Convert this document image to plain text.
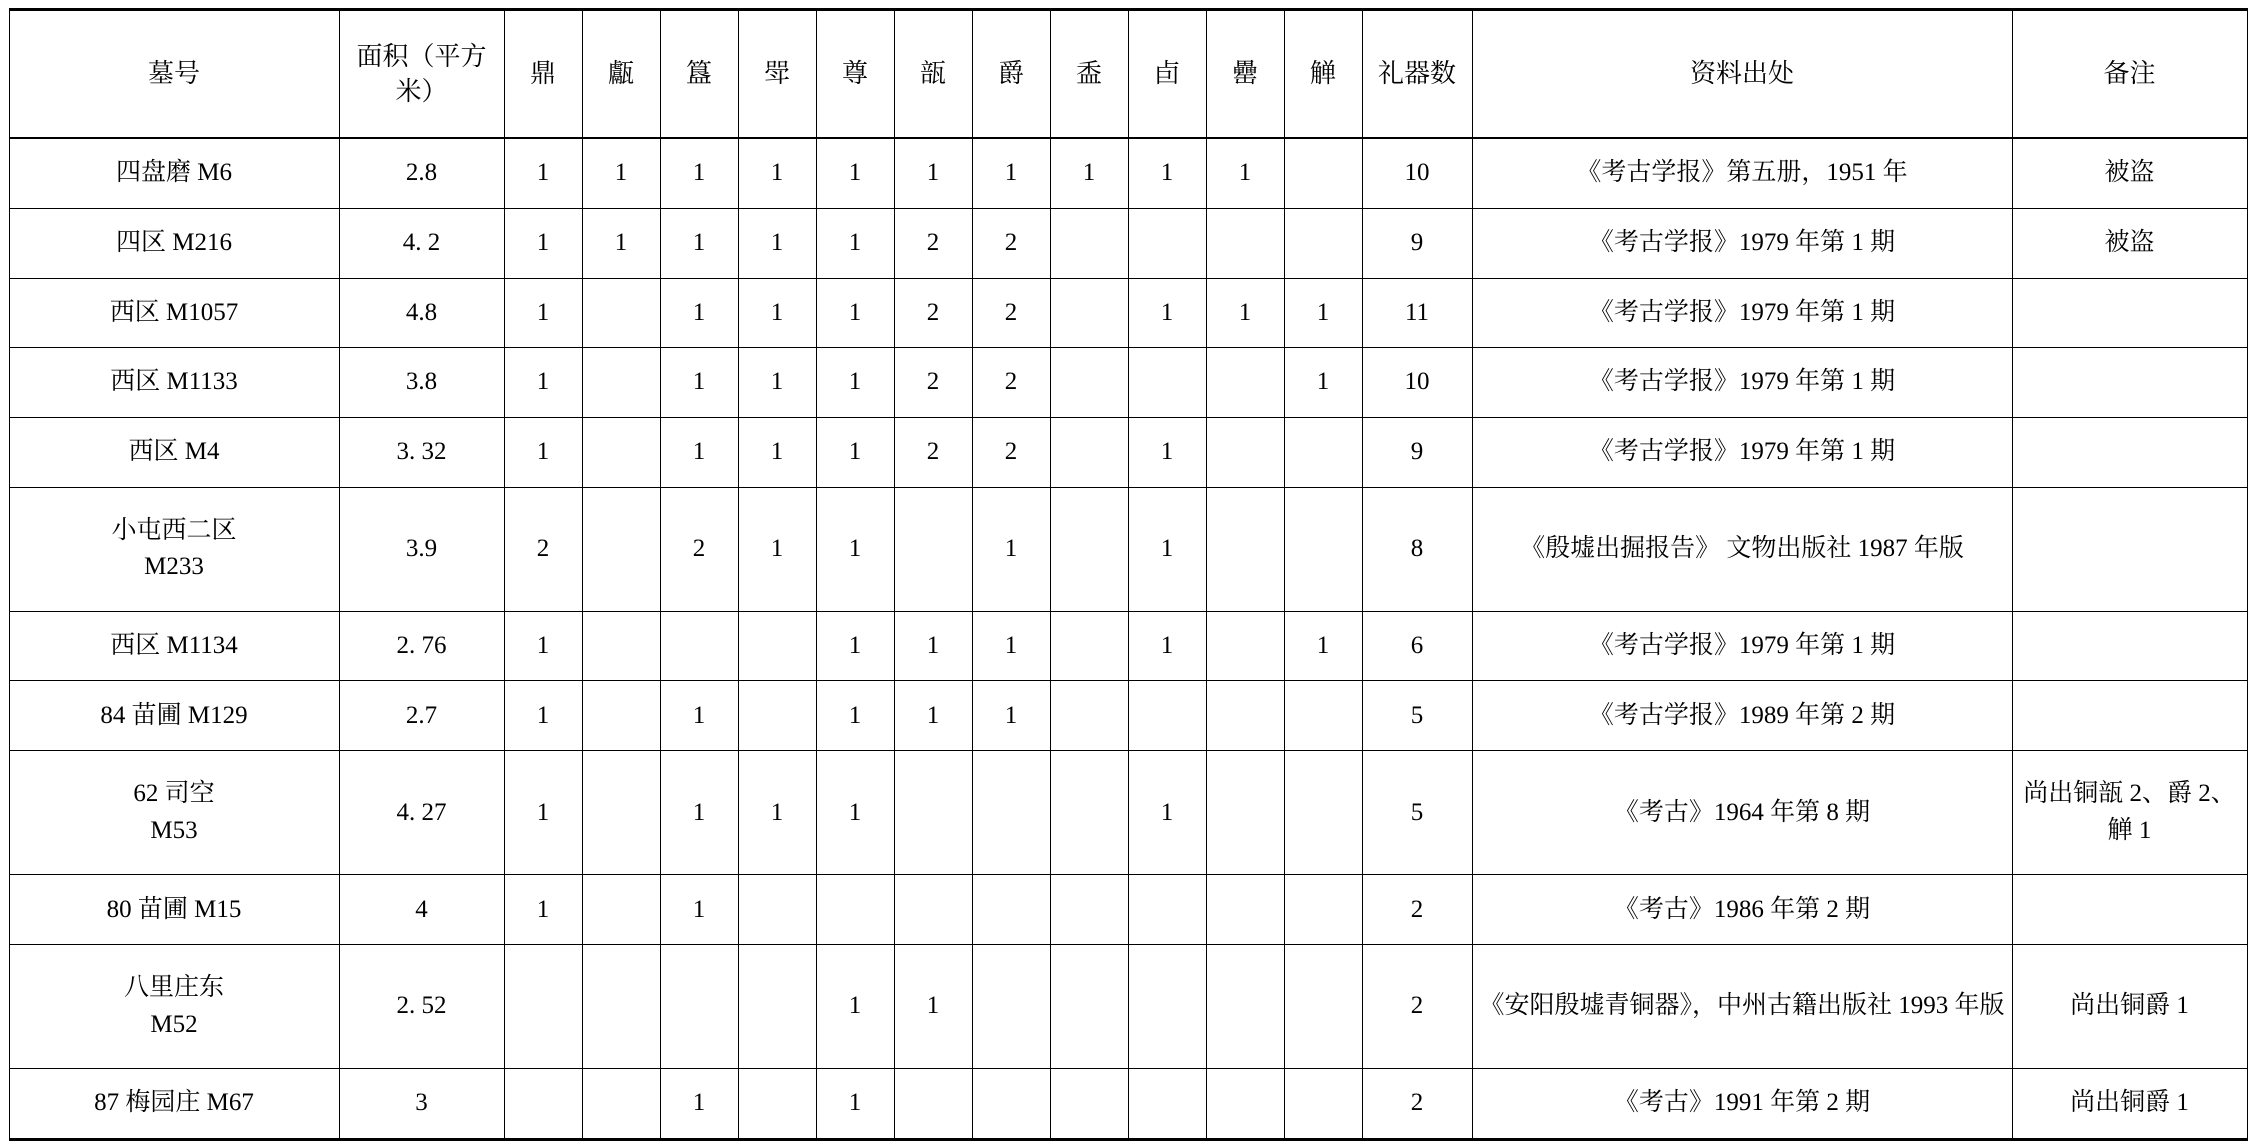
墓号	面积（平方米）	鼎	甗	簋	斝	尊	瓿	爵	盉	卣	罍	觯	礼器数	资料出处	备注

四盘磨 M6	2.8	1	1	1	1	1	1	1	1	1	1		10	《考古学报》第五册，1951 年	被盗

四区 M216	4. 2	1	1	1	1	1	2	2					9	《考古学报》1979 年第 1 期	被盗

西区 M1057	4.8	1		1	1	1	2	2		1	1	1	11	《考古学报》1979 年第 1 期	

西区 M1133	3.8	1		1	1	1	2	2				1	10	《考古学报》1979 年第 1 期	

西区 M4	3. 32	1		1	1	1	2	2		1			9	《考古学报》1979 年第 1 期	

小屯西二区
M233	3.9	2		2	1	1		1		1			8	《殷墟出掘报告》 文物出版社 1987 年版	

西区 M1134	2. 76	1				1	1	1		1		1	6	《考古学报》1979 年第 1 期	

84 苗圃 M129	2.7	1		1		1	1	1					5	《考古学报》1989 年第 2 期	

62 司空
M53	4. 27	1		1	1	1				1			5	《考古》1964 年第 8 期	尚出铜瓿 2、爵 2、觯 1

80 苗圃 M15	4	1		1									2	《考古》1986 年第 2 期	

八里庄东
M52	2. 52					1	1						2	《安阳殷墟青铜器》，中州古籍出版社 1993 年版	尚出铜爵 1

87 梅园庄 M67	3			1		1							2	《考古》1991 年第 2 期	尚出铜爵 1
